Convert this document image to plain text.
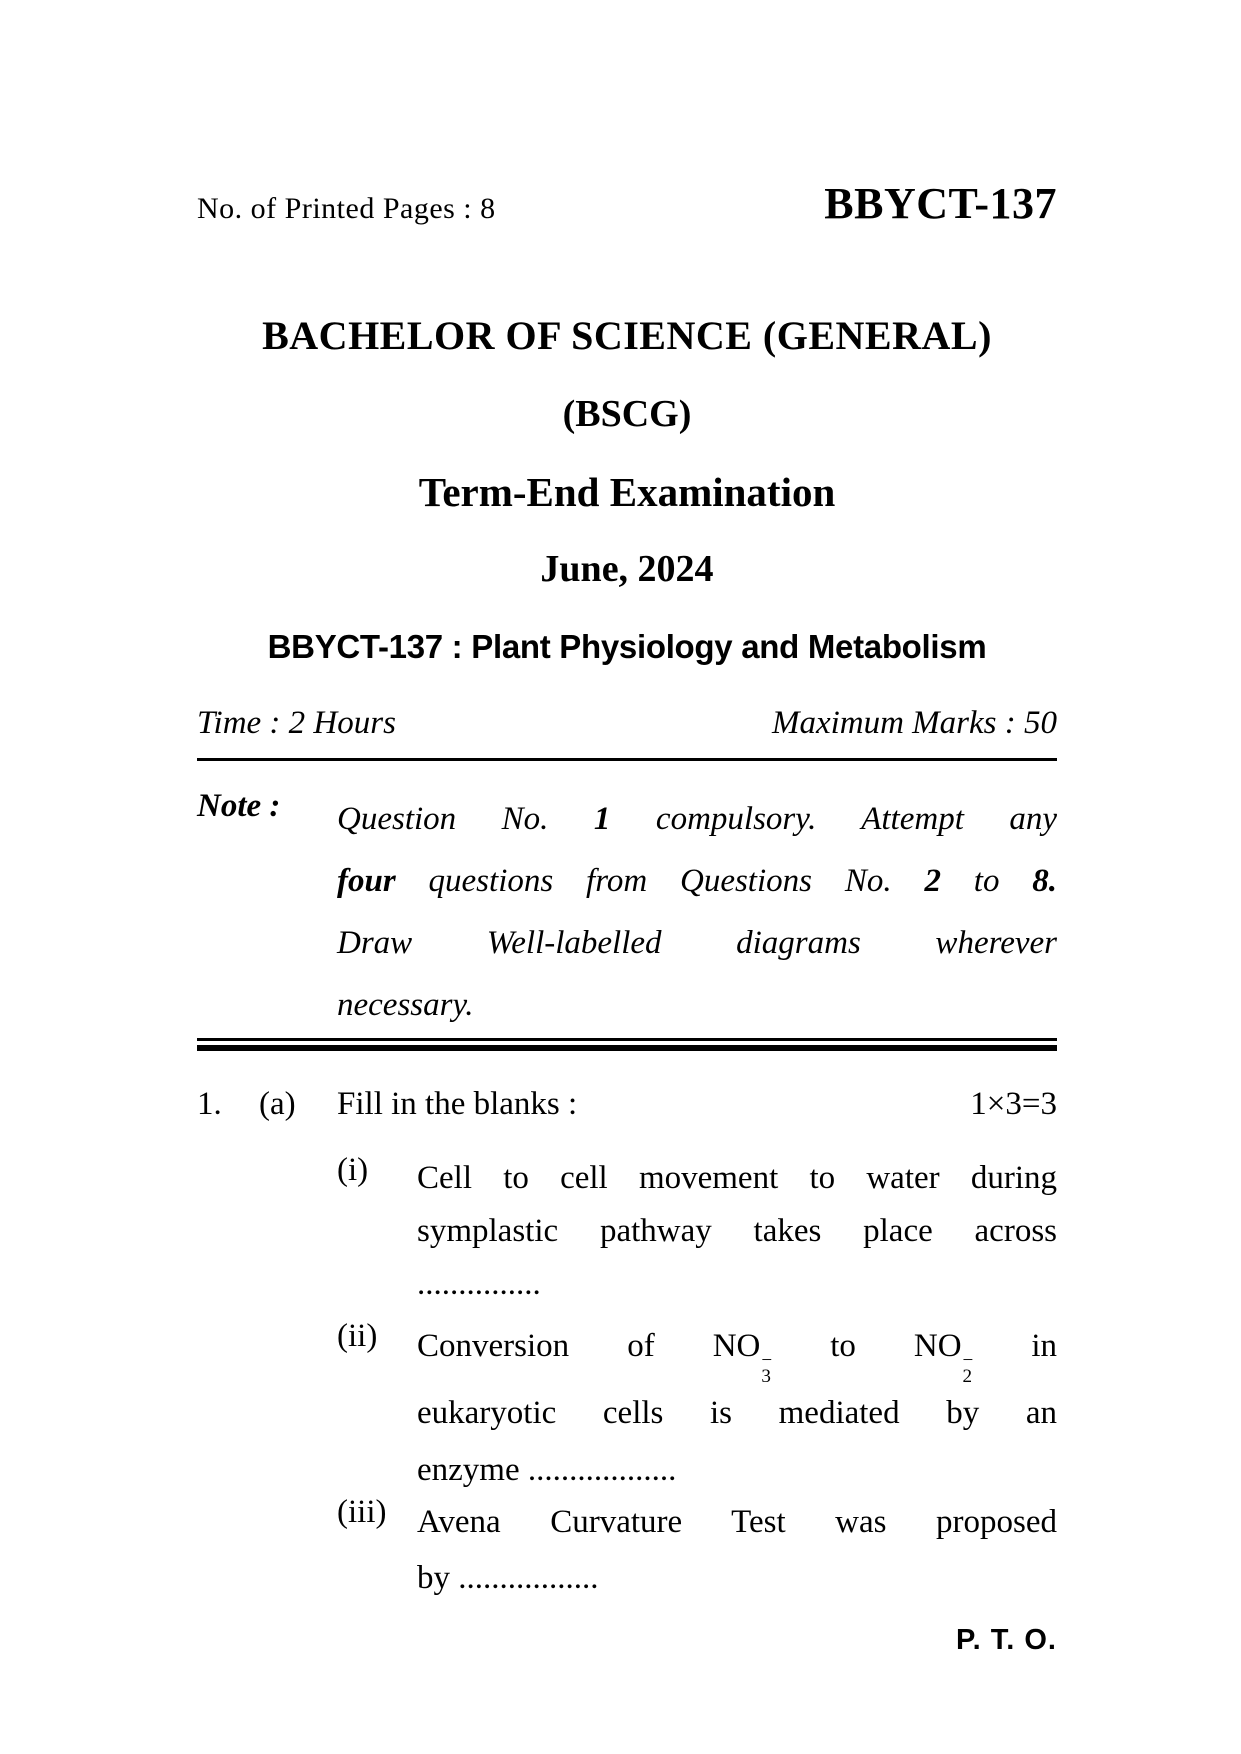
No. of Printed Pages : 8	BBYCT-137
BACHELOR OF SCIENCE (GENERAL)
(BSCG)
Term-End Examination
June, 2024
BBYCT-137 : Plant Physiology and Metabolism
Time : 2 Hours	Maximum Marks : 50
Note : Question No. 1 compulsory. Attempt any
four questions from Questions No. 2 to 8.
Draw Well-labelled diagrams wherever
necessary.
1.	(a)	Fill in the blanks :	1×3=3
(i) Cell to cell movement to water during
symplastic pathway takes place across
...............
(ii) Conversion of NO −
3
to NO −
2
in
eukaryotic cells is mediated by an
enzyme ..................
(iii) Avena Curvature Test was proposed
by .................
P. T. O.
